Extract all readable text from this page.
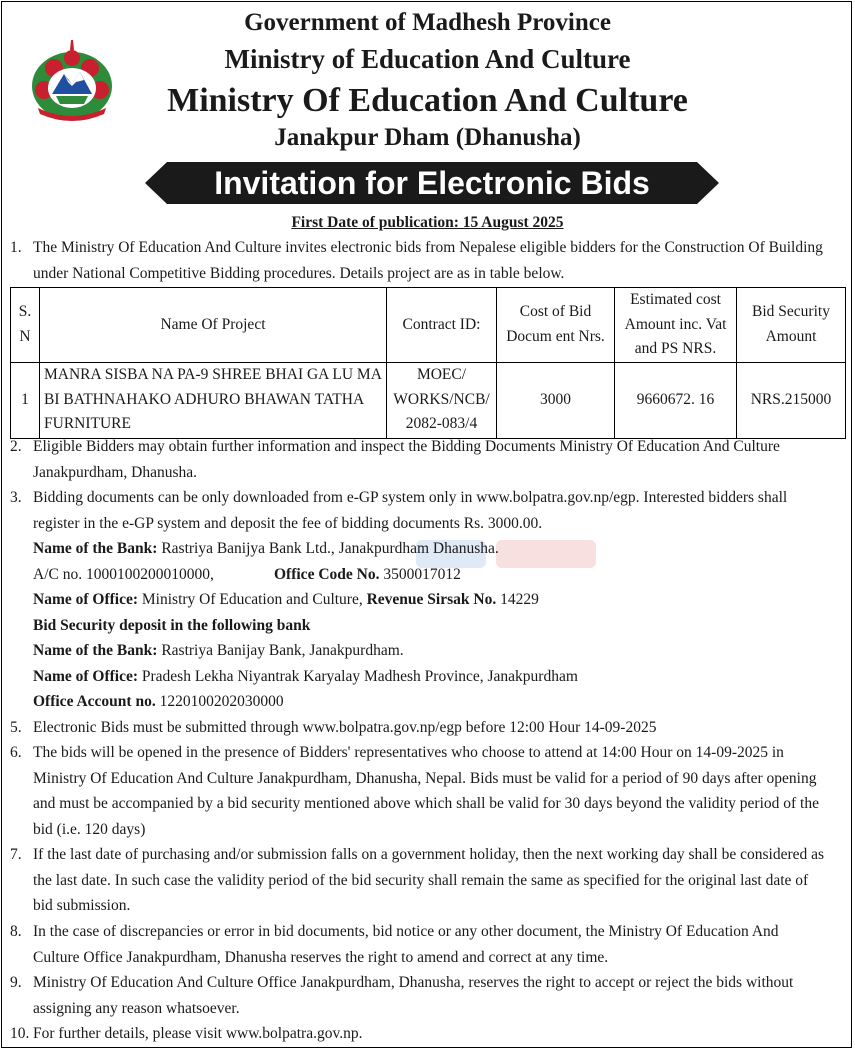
Government of Madhesh Province
Ministry of Education And Culture
Ministry Of Education And Culture
Janakpur Dham (Dhanusha)
Invitation for Electronic Bids
First Date of publication: 15 August 2025
1. The Ministry Of Education And Culture invites electronic bids from Nepalese eligible bidders for the Construction Of Building under National Competitive Bidding procedures. Details project are as in table below.
S. N	Name Of Project	Contract ID:	Cost of Bid Docum ent Nrs.	Estimated cost Amount inc. Vat and PS NRS.	Bid Security Amount
1	MANRA SISBA NA PA-9 SHREE BHAI GA LU MA BI BATHNAHAKO ADHURO BHAWAN TATHA FURNITURE	MOEC/ WORKS/NCB/ 2082-083/4	3000	9660672. 16	NRS.215000
2. Eligible Bidders may obtain further information and inspect the Bidding Documents Ministry Of Education And Culture Janakpurdham, Dhanusha.
3. Bidding documents can be only downloaded from e-GP system only in www.bolpatra.gov.np/egp. Interested bidders shall register in the e-GP system and deposit the fee of bidding documents Rs. 3000.00.
Name of the Bank: Rastriya Banijya Bank Ltd., Janakpurdham Dhanusha.
A/C no. 1000100200010000,	Office Code No. 3500017012
Name of Office: Ministry Of Education and Culture, Revenue Sirsak No. 14229
Bid Security deposit in the following bank
Name of the Bank: Rastriya Banijay Bank, Janakpurdham.
Name of Office: Pradesh Lekha Niyantrak Karyalay Madhesh Province, Janakpurdham
Office Account no. 1220100202030000
5. Electronic Bids must be submitted through www.bolpatra.gov.np/egp before 12:00 Hour 14-09-2025
6. The bids will be opened in the presence of Bidders' representatives who choose to attend at 14:00 Hour on 14-09-2025 in Ministry Of Education And Culture Janakpurdham, Dhanusha, Nepal. Bids must be valid for a period of 90 days after opening and must be accompanied by a bid security mentioned above which shall be valid for 30 days beyond the validity period of the bid (i.e. 120 days)
7. If the last date of purchasing and/or submission falls on a government holiday, then the next working day shall be considered as the last date. In such case the validity period of the bid security shall remain the same as specified for the original last date of bid submission.
8. In the case of discrepancies or error in bid documents, bid notice or any other document, the Ministry Of Education And Culture Office Janakpurdham, Dhanusha reserves the right to amend and correct at any time.
9. Ministry Of Education And Culture Office Janakpurdham, Dhanusha, reserves the right to accept or reject the bids without assigning any reason whatsoever.
10. For further details, please visit www.bolpatra.gov.np.
